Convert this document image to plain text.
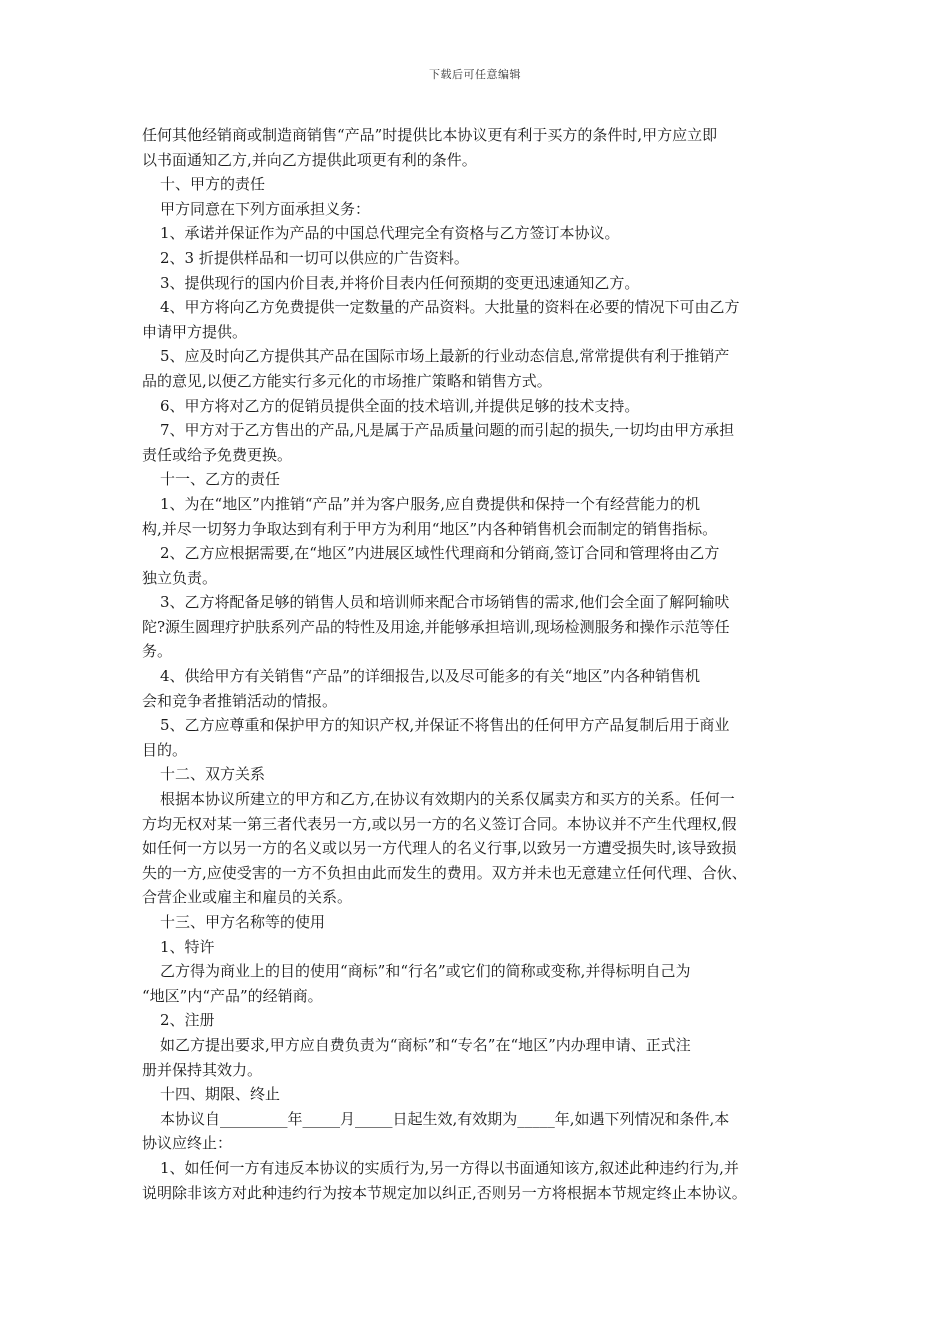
下载后可任意编辑
任何其他经销商或制造商销售“产品”时提供比本协议更有利于买方的条件时,甲方应立即
以书面通知乙方,并向乙方提供此项更有利的条件。
十、甲方的责任
甲方同意在下列方面承担义务：
1、承诺并保证作为产品的中国总代理完全有资格与乙方签订本协议。
2、3 折提供样品和一切可以供应的广告资料。
3、提供现行的国内价目表,并将价目表内任何预期的变更迅速通知乙方。
4、甲方将向乙方免费提供一定数量的产品资料。大批量的资料在必要的情况下可由乙方
申请甲方提供。
5、应及时向乙方提供其产品在国际市场上最新的行业动态信息,常常提供有利于推销产
品的意见,以便乙方能实行多元化的市场推广策略和销售方式。
6、甲方将对乙方的促销员提供全面的技术培训,并提供足够的技术支持。
7、甲方对于乙方售出的产品,凡是属于产品质量问题的而引起的损失,一切均由甲方承担
责任或给予免费更换。
十一、乙方的责任
1、为在“地区”内推销“产品”并为客户服务,应自费提供和保持一个有经营能力的机
构,并尽一切努力争取达到有利于甲方为利用“地区”内各种销售机会而制定的销售指标。
2、乙方应根据需要,在“地区”内进展区域性代理商和分销商,签订合同和管理将由乙方
独立负责。
3、乙方将配备足够的销售人员和培训师来配合市场销售的需求,他们会全面了解阿输吠
陀?源生圆理疗护肤系列产品的特性及用途,并能够承担培训,现场检测服务和操作示范等任
务。
4、供给甲方有关销售“产品”的详细报告,以及尽可能多的有关“地区”内各种销售机
会和竞争者推销活动的情报。
5、乙方应尊重和保护甲方的知识产权,并保证不将售出的任何甲方产品复制后用于商业
目的。
十二、双方关系
根据本协议所建立的甲方和乙方,在协议有效期内的关系仅属卖方和买方的关系。任何一
方均无权对某一第三者代表另一方,或以另一方的名义签订合同。本协议并不产生代理权,假
如任何一方以另一方的名义或以另一方代理人的名义行事,以致另一方遭受损失时,该导致损
失的一方,应使受害的一方不负担由此而发生的费用。双方并未也无意建立任何代理、合伙、
合营企业或雇主和雇员的关系。
十三、甲方名称等的使用
1、特许
乙方得为商业上的目的使用“商标”和“行名”或它们的简称或变称,并得标明自己为
“地区”内“产品”的经销商。
2、注册
如乙方提出要求,甲方应自费负责为“商标”和“专名”在“地区”内办理申请、正式注
册并保持其效力。
十四、期限、终止
本协议自_________年_____月_____日起生效,有效期为_____年,如遇下列情况和条件,本
协议应终止：
1、如任何一方有违反本协议的实质行为,另一方得以书面通知该方,叙述此种违约行为,并
说明除非该方对此种违约行为按本节规定加以纠正,否则另一方将根据本节规定终止本协议。
